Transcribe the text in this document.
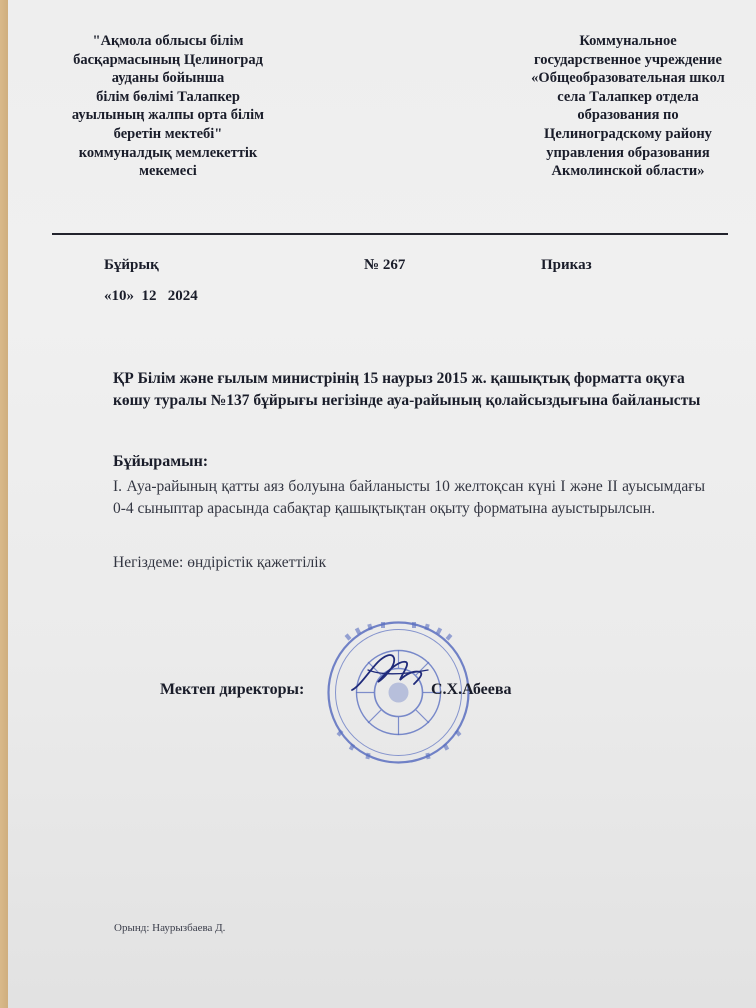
"Ақмола облысы білім
басқармасының Целиноград
ауданы бойынша
білім бөлімі Талапкер
ауылының жалпы орта білім
беретін мектебі"
коммуналдық мемлекеттік
мекемесі
Коммунальное
государственное учреждение
«Общеобразовательная школ
села Талапкер отдела
образования по
Целиноградскому району
управления образования
Акмолинской области»
Бұйрық	№ 267	Приказ
«10»  12   2024
ҚР Білім және ғылым министрінің 15 наурыз 2015 ж. қашықтық форматта оқуға көшу туралы №137 бұйрығы негізінде ауа-райының қолайсыздығына байланысты
Бұйырамын:
І. Ауа-райының қатты аяз болуына байланысты 10 желтоқсан күні І және ІІ ауысымдағы 0-4 сыныптар арасында сабақтар қашықтықтан оқыту форматына ауыстырылсын.
Негіздеме: өндірістік қажеттілік
Мектеп директоры:	С.Х.Абеева
Орынд: Наурызбаева Д.
